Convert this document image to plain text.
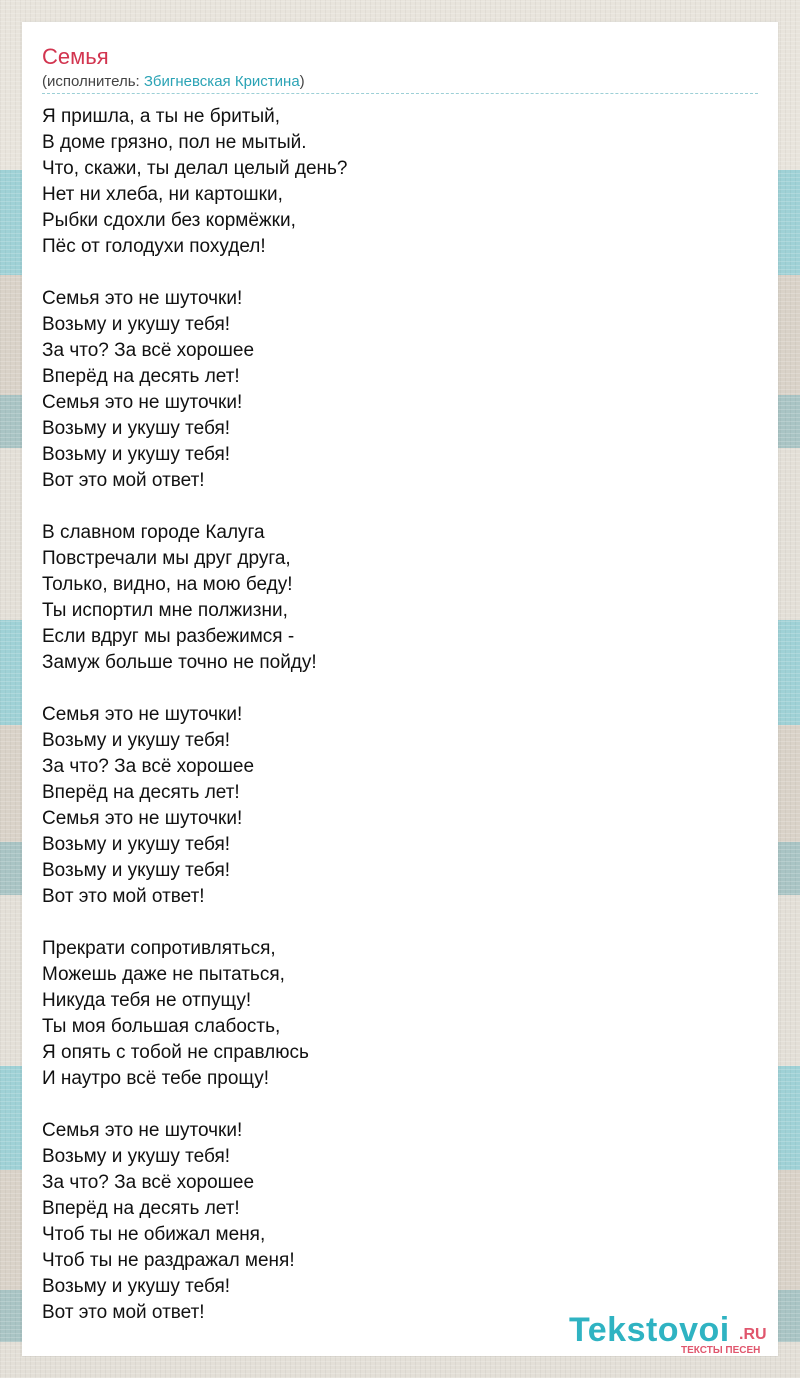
Семья
(исполнитель: Збигневская Кристина)
Я пришла, а ты не бритый,
В доме грязно, пол не мытый.
Что, скажи, ты делал целый день?
Нет ни хлеба, ни картошки,
Рыбки сдохли без кормёжки,
Пёс от голодухи похудел!
Семья это не шуточки!
Возьму и укушу тебя!
За что? За всё хорошее
Вперёд на десять лет!
Семья это не шуточки!
Возьму и укушу тебя!
Возьму и укушу тебя!
Вот это мой ответ!
В славном городе Калуга
Повстречали мы друг друга,
Только, видно, на мою беду!
Ты испортил мне полжизни,
Если вдруг мы разбежимся -
Замуж больше точно не пойду!
Семья это не шуточки!
Возьму и укушу тебя!
За что? За всё хорошее
Вперёд на десять лет!
Семья это не шуточки!
Возьму и укушу тебя!
Возьму и укушу тебя!
Вот это мой ответ!
Прекрати сопротивляться,
Можешь даже не пытаться,
Никуда тебя не отпущу!
Ты моя большая слабость,
Я опять с тобой не справлюсь
И наутро всё тебе прощу!
Семья это не шуточки!
Возьму и укушу тебя!
За что? За всё хорошее
Вперёд на десять лет!
Чтоб ты не обижал меня,
Чтоб ты не раздражал меня!
Возьму и укушу тебя!
Вот это мой ответ!	Tekstovoi .RU
ТЕКСТЫ ПЕСЕН
